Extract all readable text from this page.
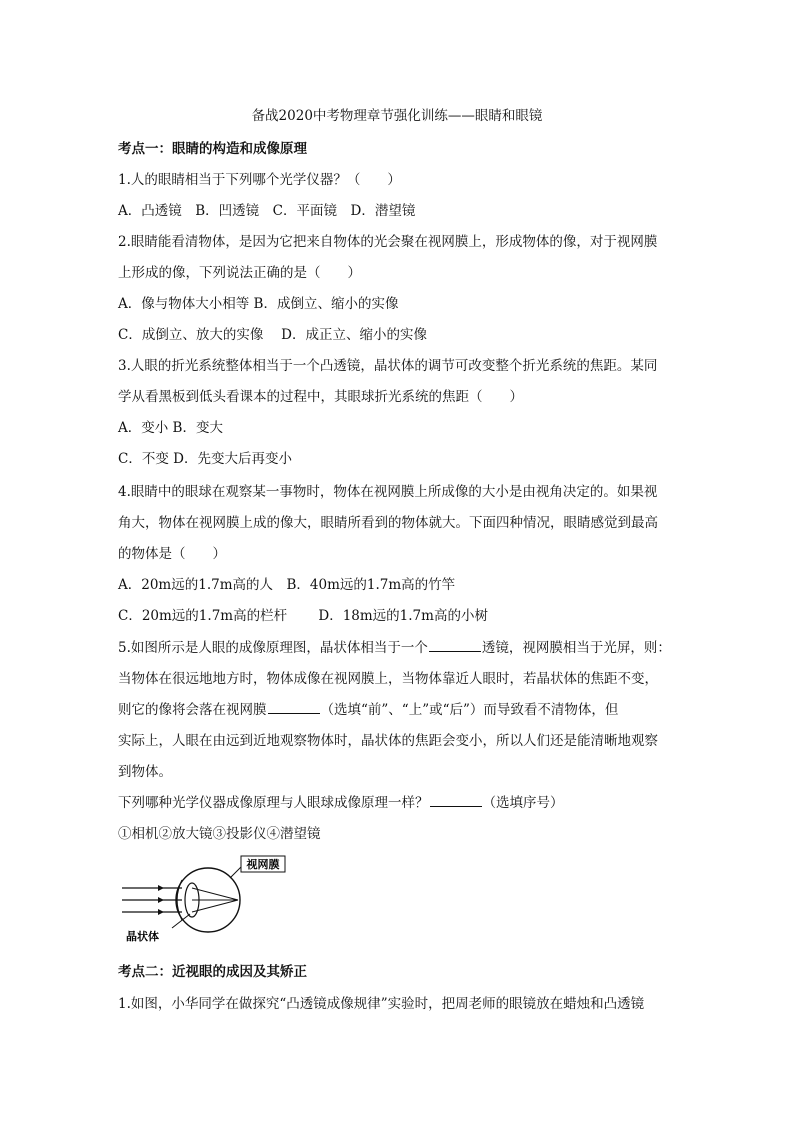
备战2020中考物理章节强化训练——眼睛和眼镜
考点一：眼睛的构造和成像原理
1.人的眼睛相当于下列哪个光学仪器？（　　）
A．凸透镜　B．凹透镜　C．平面镜　D．潜望镜
2.眼睛能看清物体，是因为它把来自物体的光会聚在视网膜上，形成物体的像，对于视网膜
上形成的像，下列说法正确的是（　　）
A．像与物体大小相等 B．成倒立、缩小的实像
C．成倒立、放大的实像　 D．成正立、缩小的实像
3.人眼的折光系统整体相当于一个凸透镜，晶状体的调节可改变整个折光系统的焦距。某同
学从看黑板到低头看课本的过程中，其眼球折光系统的焦距（　　）
A．变小 B．变大
C．不变 D．先变大后再变小
4.眼睛中的眼球在观察某一事物时，物体在视网膜上所成像的大小是由视角决定的。如果视
角大，物体在视网膜上成的像大，眼睛所看到的物体就大。下面四种情况，眼睛感觉到最高
的物体是（　　）
A．20m远的1.7m高的人　B．40m远的1.7m高的竹竿
C．20m远的1.7m高的栏杆　　 D．18m远的1.7m高的小树
5.如图所示是人眼的成像原理图，晶状体相当于一个	透镜，视网膜相当于光屏，则：
当物体在很远地地方时，物体成像在视网膜上，当物体靠近人眼时，若晶状体的焦距不变，
则它的像将会落在视网膜	（选填“前”、“上”或“后”）而导致看不清物体，但
实际上，人眼在由远到近地观察物体时，晶状体的焦距会变小，所以人们还是能清晰地观察
到物体。
下列哪种光学仪器成像原理与人眼球成像原理一样？	（选填序号）
①相机②放大镜③投影仪④潜望镜
视网膜
晶状体
考点二：近视眼的成因及其矫正
1.如图，小华同学在做探究“凸透镜成像规律”实验时，把周老师的眼镜放在蜡烛和凸透镜
